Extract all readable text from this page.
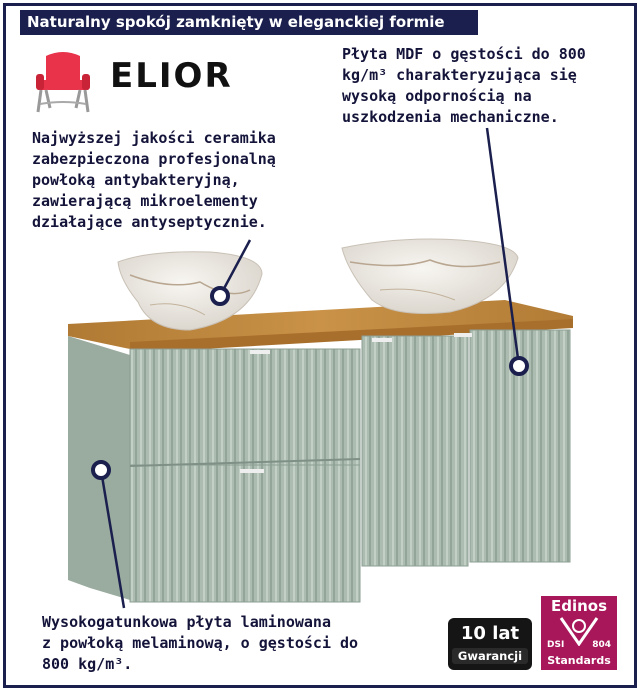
Naturalny spokój zamknięty w eleganckiej formie
ELIOR
Najwyższej jakości ceramika
zabezpieczona profesjonalną
powłoką antybakteryjną,
zawierającą mikroelementy
działające antyseptycznie.
Płyta MDF o gęstości do 800
kg/m³ charakteryzująca się
wysoką odpornością na
uszkodzenia mechaniczne.
Wysokogatunkowa płyta laminowana
z powłoką melaminową, o gęstości do
800 kg/m³.
10 lat
Gwarancji
Edinos
DSI	804
Standards
